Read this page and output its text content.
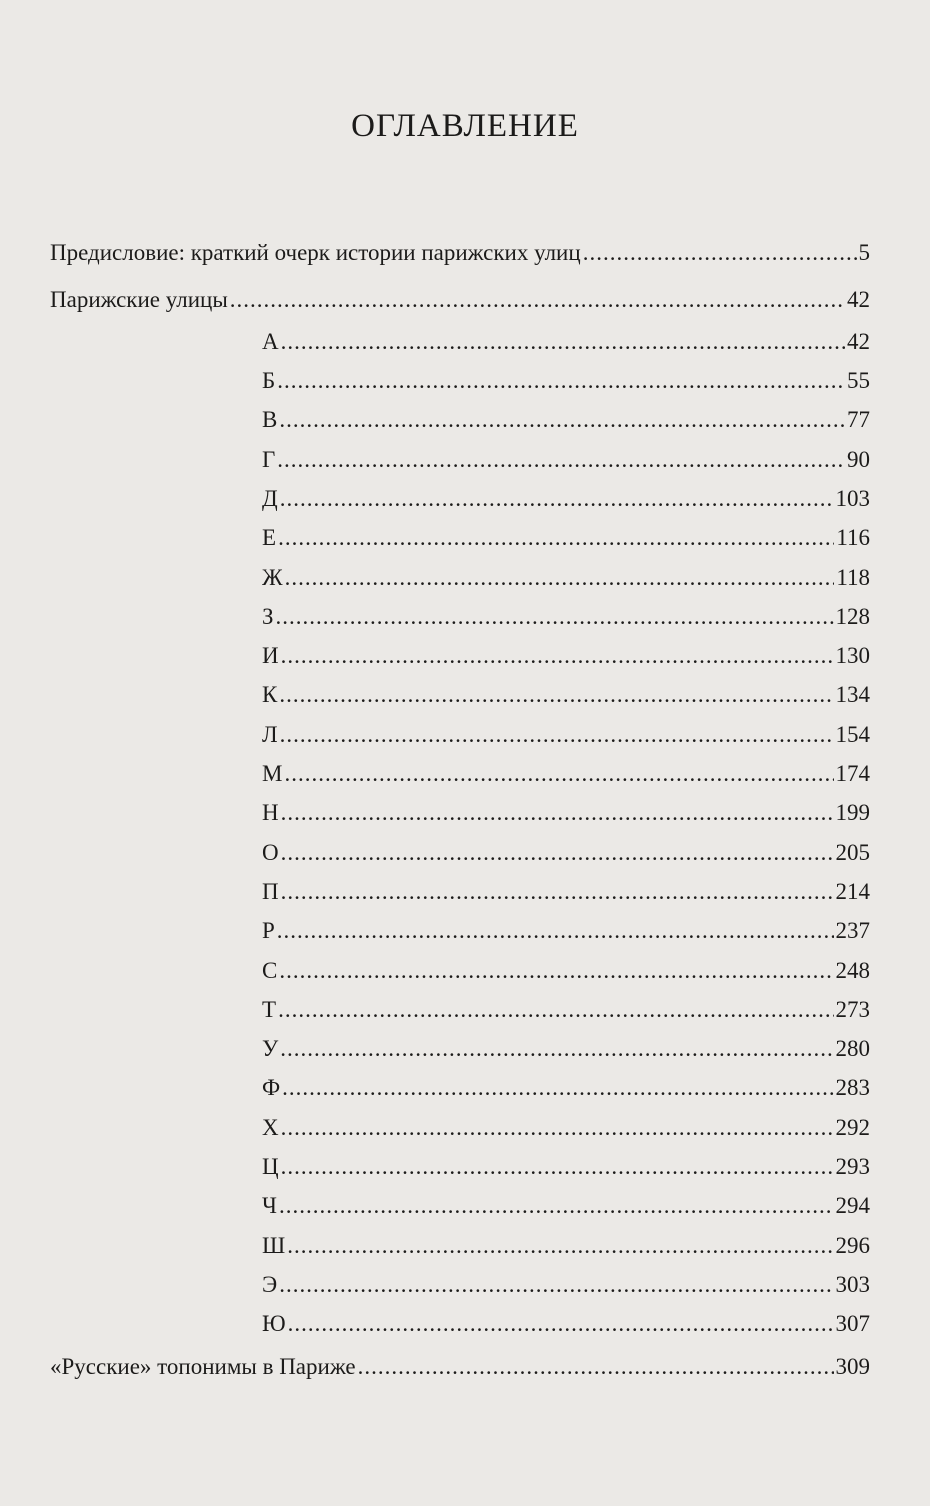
ОГЛАВЛЕНИЕ
Предисловие: краткий очерк истории парижских улиц .....	5
Парижские улицы .....	42
А .....	42
Б .....	55
В .....	77
Г .....	90
Д .....	103
Е .....	116
Ж .....	118
З .....	128
И .....	130
К .....	134
Л .....	154
М .....	174
Н .....	199
О .....	205
П .....	214
Р .....	237
С .....	248
Т .....	273
У .....	280
Ф .....	283
Х .....	292
Ц .....	293
Ч .....	294
Ш .....	296
Э .....	303
Ю .....	307
«Русские» топонимы в Париже .....	309
